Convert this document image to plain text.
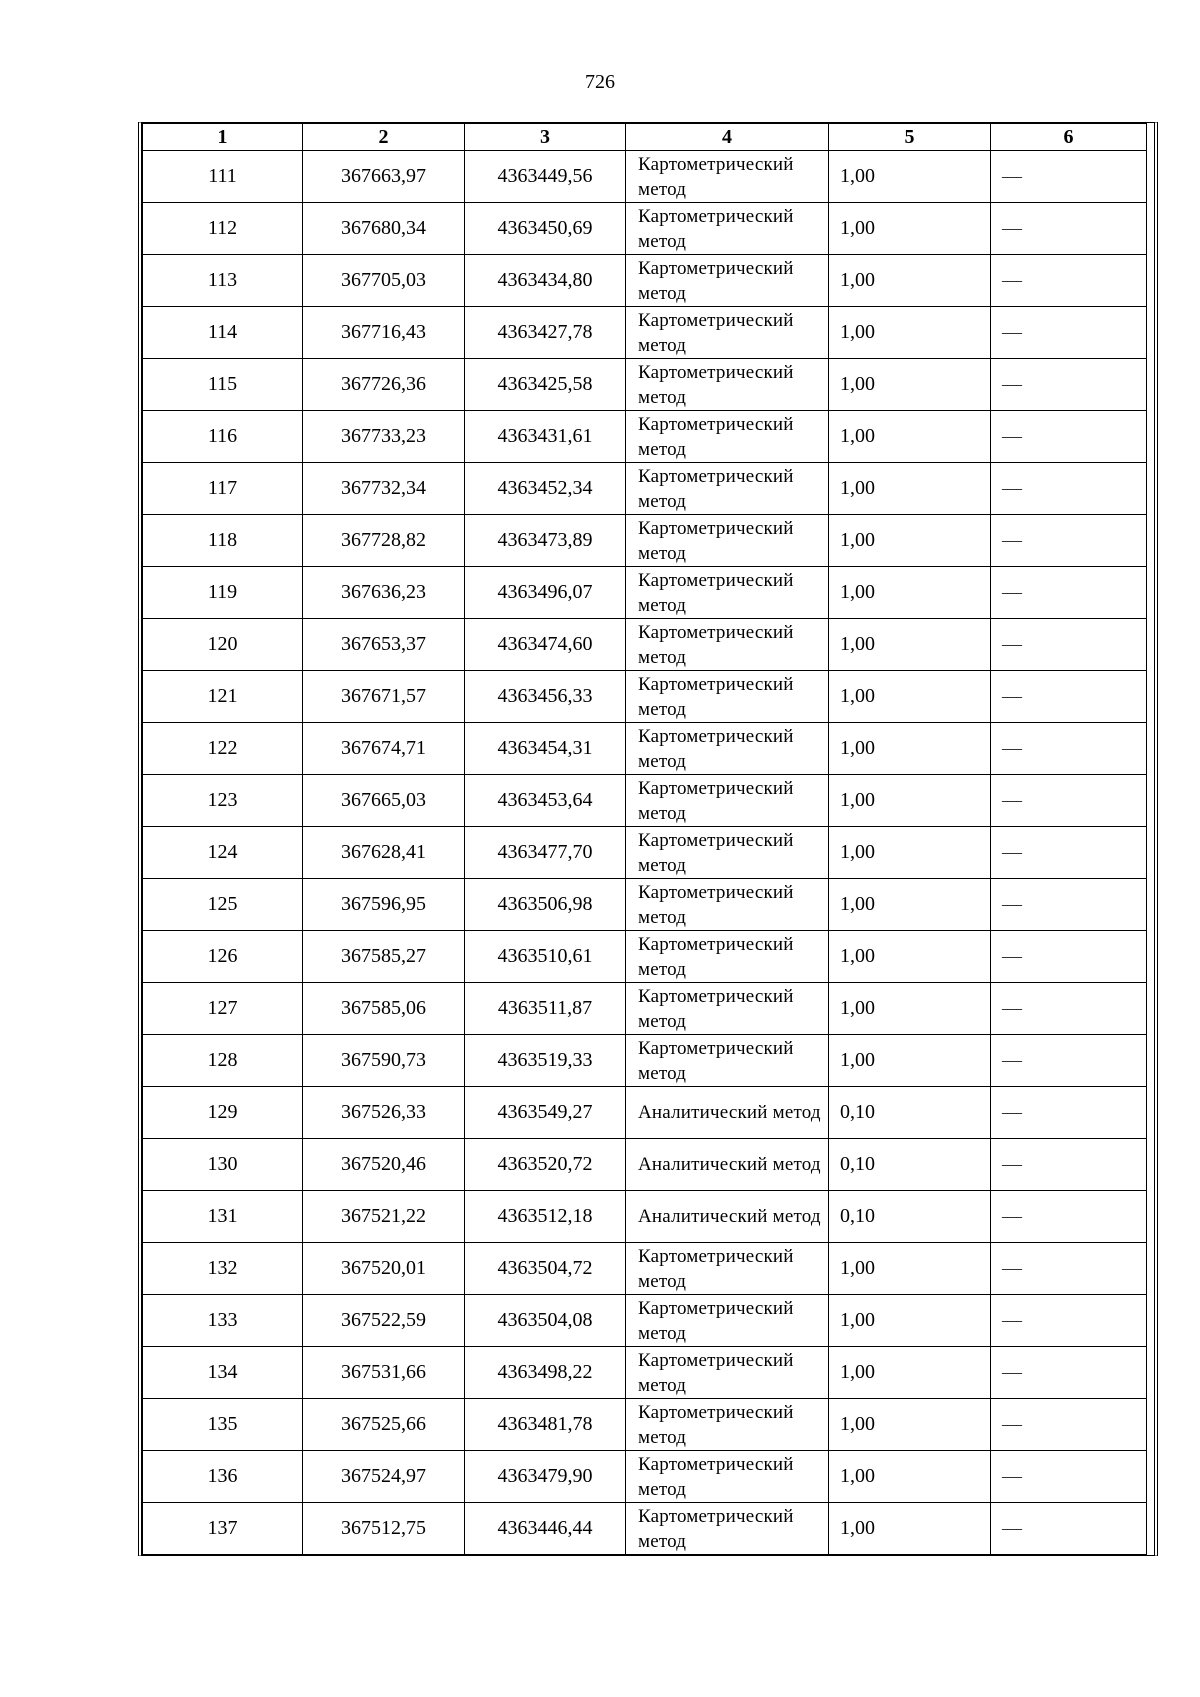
726
1	2	3	4	5	6
111	367663,97	4363449,56	Картометрический метод	1,00	—
112	367680,34	4363450,69	Картометрический метод	1,00	—
113	367705,03	4363434,80	Картометрический метод	1,00	—
114	367716,43	4363427,78	Картометрический метод	1,00	—
115	367726,36	4363425,58	Картометрический метод	1,00	—
116	367733,23	4363431,61	Картометрический метод	1,00	—
117	367732,34	4363452,34	Картометрический метод	1,00	—
118	367728,82	4363473,89	Картометрический метод	1,00	—
119	367636,23	4363496,07	Картометрический метод	1,00	—
120	367653,37	4363474,60	Картометрический метод	1,00	—
121	367671,57	4363456,33	Картометрический метод	1,00	—
122	367674,71	4363454,31	Картометрический метод	1,00	—
123	367665,03	4363453,64	Картометрический метод	1,00	—
124	367628,41	4363477,70	Картометрический метод	1,00	—
125	367596,95	4363506,98	Картометрический метод	1,00	—
126	367585,27	4363510,61	Картометрический метод	1,00	—
127	367585,06	4363511,87	Картометрический метод	1,00	—
128	367590,73	4363519,33	Картометрический метод	1,00	—
129	367526,33	4363549,27	Аналитический метод	0,10	—
130	367520,46	4363520,72	Аналитический метод	0,10	—
131	367521,22	4363512,18	Аналитический метод	0,10	—
132	367520,01	4363504,72	Картометрический метод	1,00	—
133	367522,59	4363504,08	Картометрический метод	1,00	—
134	367531,66	4363498,22	Картометрический метод	1,00	—
135	367525,66	4363481,78	Картометрический метод	1,00	—
136	367524,97	4363479,90	Картометрический метод	1,00	—
137	367512,75	4363446,44	Картометрический метод	1,00	—
